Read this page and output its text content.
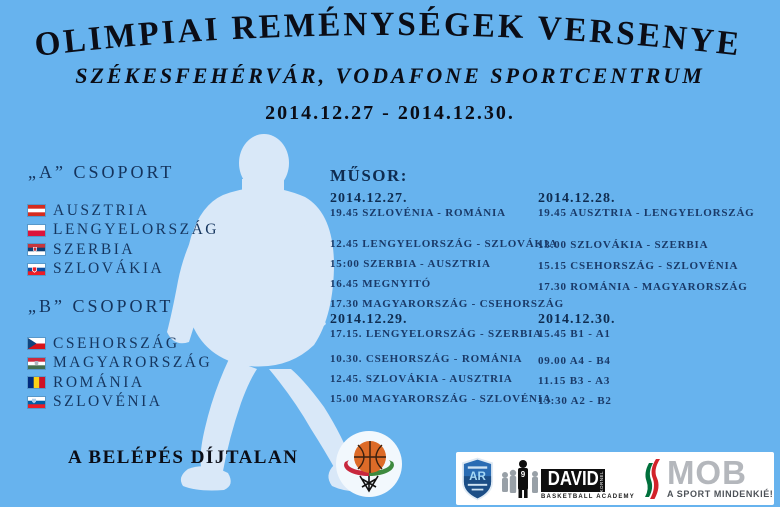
OLIMPIAI REMÉNYSÉGEK VERSENYE
SZÉKESFEHÉRVÁR, VODAFONE SPORTCENTRUM
2014.12.27 - 2014.12.30.
„A” CSOPORT
AUSZTRIA
LENGYELORSZÁG
SZERBIA
SZLOVÁKIA
„B” CSOPORT
CSEHORSZÁG
MAGYARORSZÁG
ROMÁNIA
SZLOVÉNIA
MŰSOR:
2014.12.27.
12.45 LENGYELORSZÁG - SZLOVÁKIA
15:00 SZERBIA - AUSZTRIA
16.45 MEGNYITÓ
17.30 MAGYARORSZÁG - CSEHORSZÁG
19.45 SZLOVÉNIA - ROMÁNIA
2014.12.28.
13.00 SZLOVÁKIA - SZERBIA
15.15 CSEHORSZÁG - SZLOVÉNIA
17.30 ROMÁNIA - MAGYARORSZÁG
19.45 AUSZTRIA - LENGYELORSZÁG
2014.12.29.
10.30. CSEHORSZÁG - ROMÁNIA
12.45. SZLOVÁKIA - AUSZTRIA
15.00 MAGYARORSZÁG - SZLOVÉNIA
17.15. LENGYELORSZÁG - SZERBIA
2014.12.30.
09.00 A4 - B4
11.15 B3 - A3
13:30 A2 - B2
15.45 B1 - A1
A BELÉPÉS DÍJTALAN
AR	9 DAVID KORNEL
BASKETBALL ACADEMY
MOB
A SPORT MINDENKIÉ!
